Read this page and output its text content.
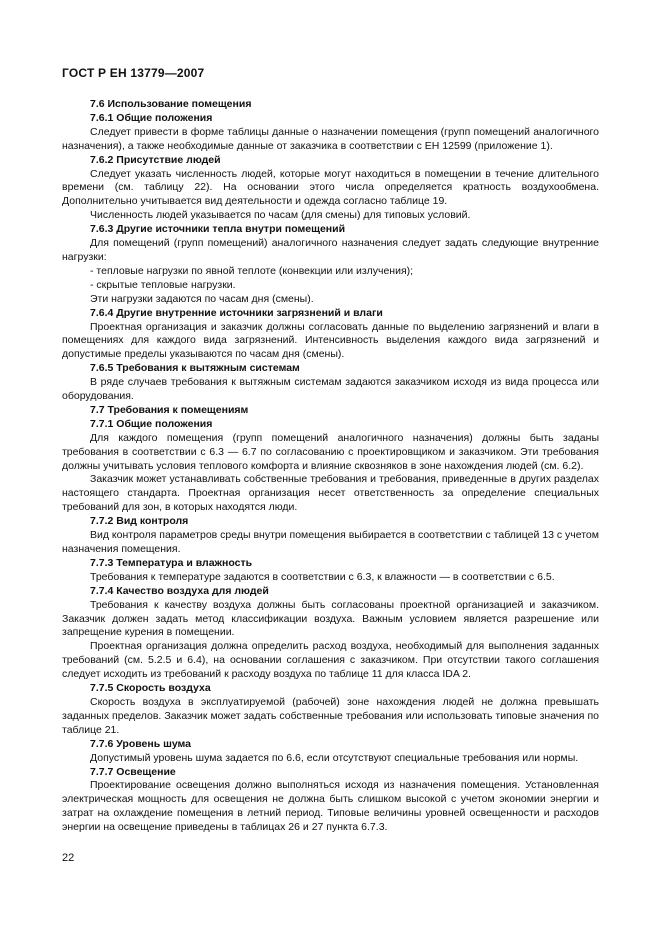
ГОСТ Р ЕН 13779—2007
7.6 Использование помещения
7.6.1 Общие положения
Следует привести в форме таблицы данные о назначении помещения (групп помещений аналогичного назначения), а также необходимые данные от заказчика в соответствии с ЕН 12599 (приложение 1).
7.6.2 Присутствие людей
Следует указать численность людей, которые могут находиться в помещении в течение длительного времени (см. таблицу 22). На основании этого числа определяется кратность воздухообмена. Дополнительно учитывается вид деятельности и одежда согласно таблице 19.
Численность людей указывается по часам (для смены) для типовых условий.
7.6.3 Другие источники тепла внутри помещений
Для помещений (групп помещений) аналогичного назначения следует задать следующие внутренние нагрузки:
- тепловые нагрузки по явной теплоте (конвекции или излучения);
- скрытые тепловые нагрузки.
Эти нагрузки задаются по часам дня (смены).
7.6.4 Другие внутренние источники загрязнений и влаги
Проектная организация и заказчик должны согласовать данные по выделению загрязнений и влаги в помещениях для каждого вида загрязнений. Интенсивность выделения каждого вида загрязнений и допустимые пределы указываются по часам дня (смены).
7.6.5 Требования к вытяжным системам
В ряде случаев требования к вытяжным системам задаются заказчиком исходя из вида процесса или оборудования.
7.7 Требования к помещениям
7.7.1 Общие положения
Для каждого помещения (групп помещений аналогичного назначения) должны быть заданы требования в соответствии с 6.3 — 6.7 по согласованию с проектировщиком и заказчиком. Эти требования должны учитывать условия теплового комфорта и влияние сквозняков в зоне нахождения людей (см. 6.2).
Заказчик может устанавливать собственные требования и требования, приведенные в других разделах настоящего стандарта. Проектная организация несет ответственность за определение специальных требований для зон, в которых находятся люди.
7.7.2 Вид контроля
Вид контроля параметров среды внутри помещения выбирается в соответствии с таблицей 13 с учетом назначения помещения.
7.7.3 Температура и влажность
Требования к температуре задаются в соответствии с 6.3, к влажности — в соответствии с 6.5.
7.7.4 Качество воздуха для людей
Требования к качеству воздуха должны быть согласованы проектной организацией и заказчиком. Заказчик должен задать метод классификации воздуха. Важным условием является разрешение или запрещение курения в помещении.
Проектная организация должна определить расход воздуха, необходимый для выполнения заданных требований (см. 5.2.5 и 6.4), на основании соглашения с заказчиком. При отсутствии такого соглашения следует исходить из требований к расходу воздуха по таблице 11 для класса IDA 2.
7.7.5 Скорость воздуха
Скорость воздуха в эксплуатируемой (рабочей) зоне нахождения людей не должна превышать заданных пределов. Заказчик может задать собственные требования или использовать типовые значения по таблице 21.
7.7.6 Уровень шума
Допустимый уровень шума задается по 6.6, если отсутствуют специальные требования или нормы.
7.7.7 Освещение
Проектирование освещения должно выполняться исходя из назначения помещения. Установленная электрическая мощность для освещения не должна быть слишком высокой с учетом экономии энергии и затрат на охлаждение помещения в летний период. Типовые величины уровней освещенности и расходов энергии на освещение приведены в таблицах 26 и 27 пункта 6.7.3.
22
